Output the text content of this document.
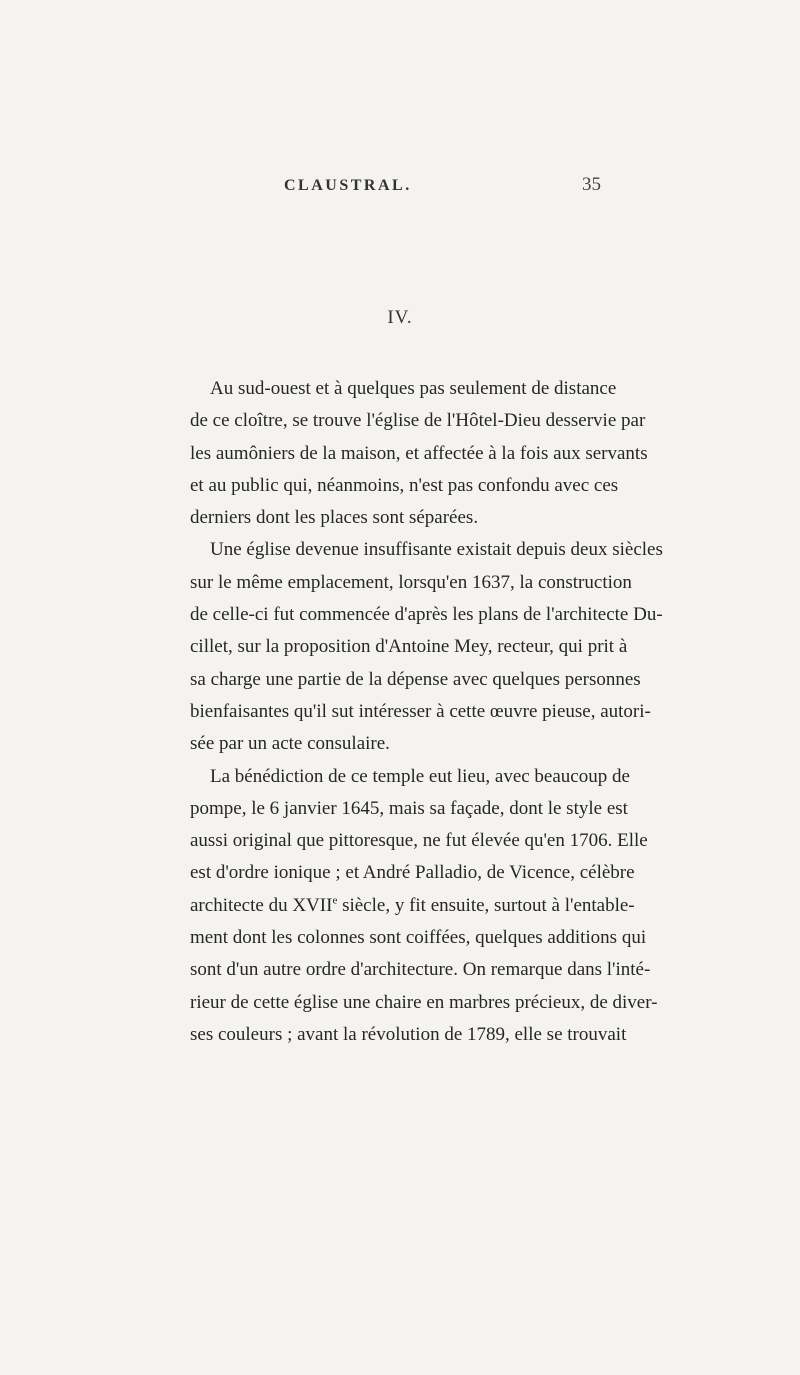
CLAUSTRAL.	35
IV.
Au sud-ouest et à quelques pas seulement de distance
de ce cloître, se trouve l'église de l'Hôtel-Dieu desservie par
les aumôniers de la maison, et affectée à la fois aux servants
et au public qui, néanmoins, n'est pas confondu avec ces
derniers dont les places sont séparées.
Une église devenue insuffisante existait depuis deux siècles
sur le même emplacement, lorsqu'en 1637, la construction
de celle-ci fut commencée d'après les plans de l'architecte Du-
cillet, sur la proposition d'Antoine Mey, recteur, qui prit à
sa charge une partie de la dépense avec quelques personnes
bienfaisantes qu'il sut intéresser à cette œuvre pieuse, autori-
sée par un acte consulaire.
La bénédiction de ce temple eut lieu, avec beaucoup de
pompe, le 6 janvier 1645, mais sa façade, dont le style est
aussi original que pittoresque, ne fut élevée qu'en 1706. Elle
est d'ordre ionique ; et André Palladio, de Vicence, célèbre
architecte du XVIIe siècle, y fit ensuite, surtout à l'entable-
ment dont les colonnes sont coiffées, quelques additions qui
sont d'un autre ordre d'architecture. On remarque dans l'inté-
rieur de cette église une chaire en marbres précieux, de diver-
ses couleurs ; avant la révolution de 1789, elle se trouvait
